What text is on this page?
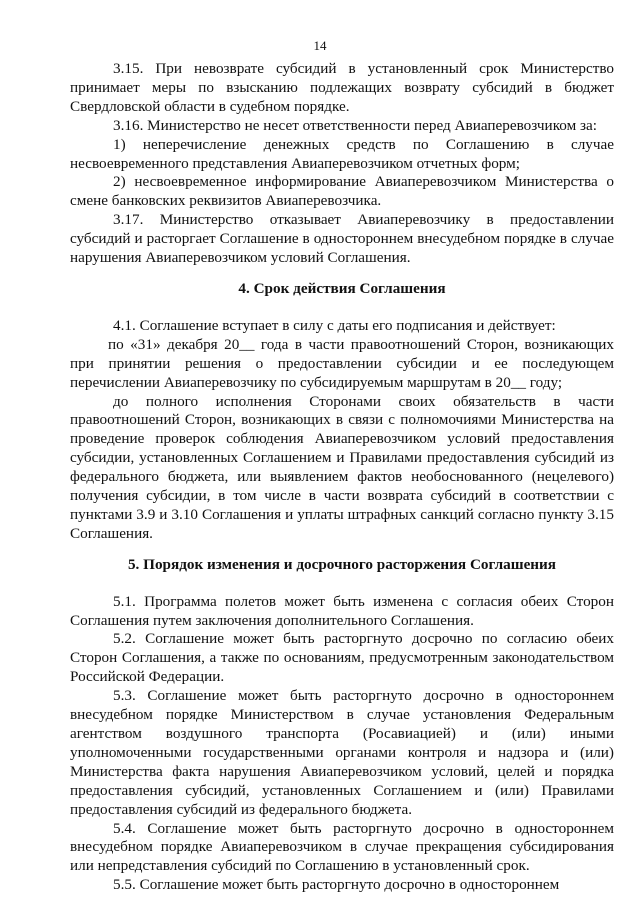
14

3.15. При невозврате субсидий в установленный срок Министерство принимает меры по взысканию подлежащих возврату субсидий в бюджет Свердловской области в судебном порядке.

3.16. Министерство не несет ответственности перед Авиаперевозчиком за:

1) неперечисление денежных средств по Соглашению в случае несвоевременного представления Авиаперевозчиком отчетных форм;

2) несвоевременное информирование Авиаперевозчиком Министерства о смене банковских реквизитов Авиаперевозчика.

3.17. Министерство отказывает Авиаперевозчику в предоставлении субсидий и расторгает Соглашение в одностороннем внесудебном порядке в случае нарушения Авиаперевозчиком условий Соглашения.

4. Срок действия Соглашения

4.1. Соглашение вступает в силу с даты его подписания и действует:

по «31» декабря 20__ года в части правоотношений Сторон, возникающих при принятии решения о предоставлении субсидии и ее последующем перечислении Авиаперевозчику по субсидируемым маршрутам в 20__ году;

до полного исполнения Сторонами своих обязательств в части правоотношений Сторон, возникающих в связи с полномочиями Министерства на проведение проверок соблюдения Авиаперевозчиком условий предоставления субсидии, установленных Соглашением и Правилами предоставления субсидий из федерального бюджета, или выявлением фактов необоснованного (нецелевого) получения субсидии, в том числе в части возврата субсидий в соответствии с пунктами 3.9 и 3.10 Соглашения и уплаты штрафных санкций согласно пункту 3.15 Соглашения.

5. Порядок изменения и досрочного расторжения Соглашения

5.1. Программа полетов может быть изменена с согласия обеих Сторон Соглашения путем заключения дополнительного Соглашения.

5.2. Соглашение может быть расторгнуто досрочно по согласию обеих Сторон Соглашения, а также по основаниям, предусмотренным законодательством Российской Федерации.

5.3. Соглашение может быть расторгнуто досрочно в одностороннем внесудебном порядке Министерством в случае установления Федеральным агентством воздушного транспорта (Росавиацией) и (или) иными уполномоченными государственными органами контроля и надзора и (или) Министерства факта нарушения Авиаперевозчиком условий, целей и порядка предоставления субсидий, установленных Соглашением и (или) Правилами предоставления субсидий из федерального бюджета.

5.4. Соглашение может быть расторгнуто досрочно в одностороннем внесудебном порядке Авиаперевозчиком в случае прекращения субсидирования или непредставления субсидий по Соглашению в установленный срок.

5.5. Соглашение может быть расторгнуто досрочно в одностороннем
